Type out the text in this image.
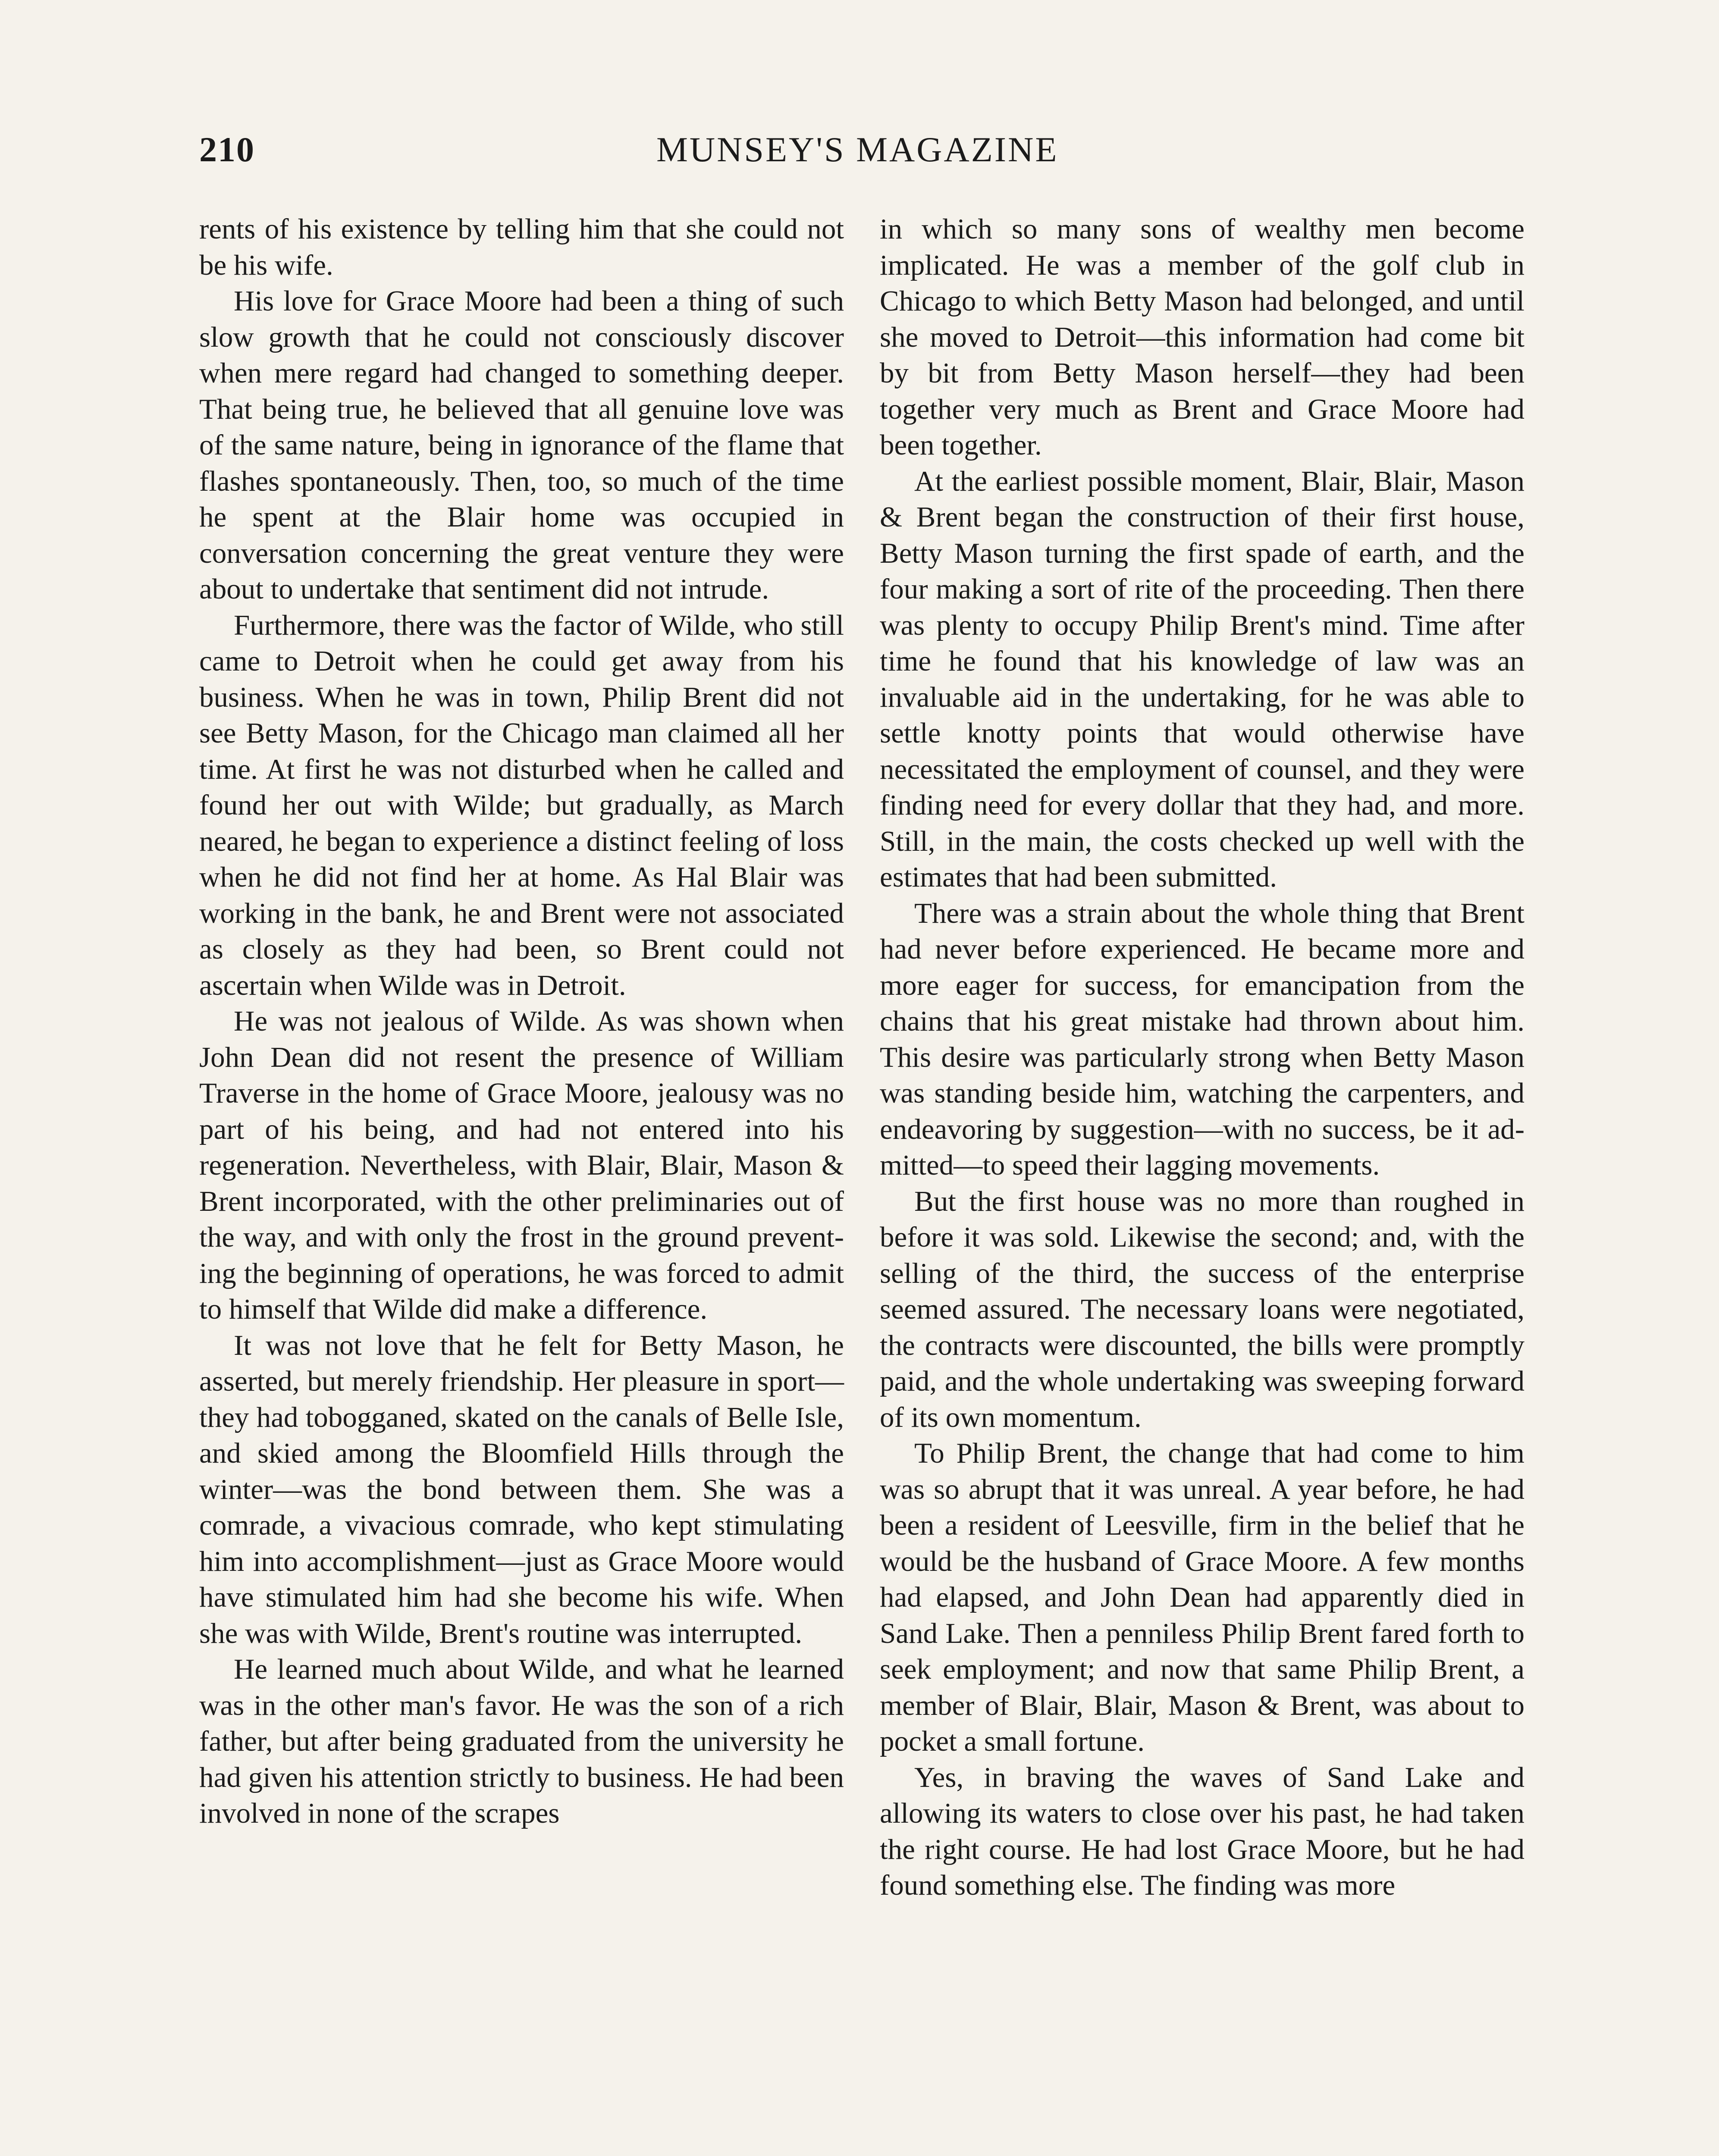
210	MUNSEY'S MAGAZINE

rents of his existence by telling him that she could not be his wife.

His love for Grace Moore had been a thing of such slow growth that he could not consciously discover when mere regard had changed to something deeper. That being true, he believed that all genuine love was of the same nature, being in ignorance of the flame that flashes spontaneously. Then, too, so much of the time he spent at the Blair home was occupied in conversation concerning the great venture they were about to undertake that sentiment did not intrude.

Furthermore, there was the factor of Wilde, who still came to Detroit when he could get away from his business. When he was in town, Philip Brent did not see Betty Mason, for the Chicago man claimed all her time. At first he was not disturbed when he called and found her out with Wilde; but gradually, as March neared, he began to experience a distinct feeling of loss when he did not find her at home. As Hal Blair was working in the bank, he and Brent were not associated as closely as they had been, so Brent could not ascertain when Wilde was in Detroit.

He was not jealous of Wilde. As was shown when John Dean did not resent the presence of William Traverse in the home of Grace Moore, jealousy was no part of his being, and had not entered into his regeneration. Nevertheless, with Blair, Blair, Mason & Brent incorporated, with the other preliminaries out of the way, and with only the frost in the ground preventing the beginning of operations, he was forced to admit to himself that Wilde did make a difference.

It was not love that he felt for Betty Mason, he asserted, but merely friendship. Her pleasure in sport—they had tobogganed, skated on the canals of Belle Isle, and skied among the Bloomfield Hills through the winter—was the bond between them. She was a comrade, a vivacious comrade, who kept stimulating him into accomplishment—just as Grace Moore would have stimulated him had she become his wife. When she was with Wilde, Brent's routine was interrupted.

He learned much about Wilde, and what he learned was in the other man's favor. He was the son of a rich father, but after being graduated from the university he had given his attention strictly to business. He had been involved in none of the scrapes

in which so many sons of wealthy men become implicated. He was a member of the golf club in Chicago to which Betty Mason had belonged, and until she moved to Detroit—this information had come bit by bit from Betty Mason herself—they had been together very much as Brent and Grace Moore had been together.

At the earliest possible moment, Blair, Blair, Mason & Brent began the construction of their first house, Betty Mason turning the first spade of earth, and the four making a sort of rite of the proceeding. Then there was plenty to occupy Philip Brent's mind. Time after time he found that his knowledge of law was an invaluable aid in the undertaking, for he was able to settle knotty points that would otherwise have necessitated the employment of counsel, and they were finding need for every dollar that they had, and more. Still, in the main, the costs checked up well with the estimates that had been submitted.

There was a strain about the whole thing that Brent had never before experienced. He became more and more eager for success, for emancipation from the chains that his great mistake had thrown about him. This desire was particularly strong when Betty Mason was standing beside him, watching the carpenters, and endeavoring by suggestion—with no success, be it admitted—to speed their lagging movements.

But the first house was no more than roughed in before it was sold. Likewise the second; and, with the selling of the third, the success of the enterprise seemed assured. The necessary loans were negotiated, the contracts were discounted, the bills were promptly paid, and the whole undertaking was sweeping forward of its own momentum.

To Philip Brent, the change that had come to him was so abrupt that it was unreal. A year before, he had been a resident of Leesville, firm in the belief that he would be the husband of Grace Moore. A few months had elapsed, and John Dean had apparently died in Sand Lake. Then a penniless Philip Brent fared forth to seek employment; and now that same Philip Brent, a member of Blair, Blair, Mason & Brent, was about to pocket a small fortune.

Yes, in braving the waves of Sand Lake and allowing its waters to close over his past, he had taken the right course. He had lost Grace Moore, but he had found something else. The finding was more
